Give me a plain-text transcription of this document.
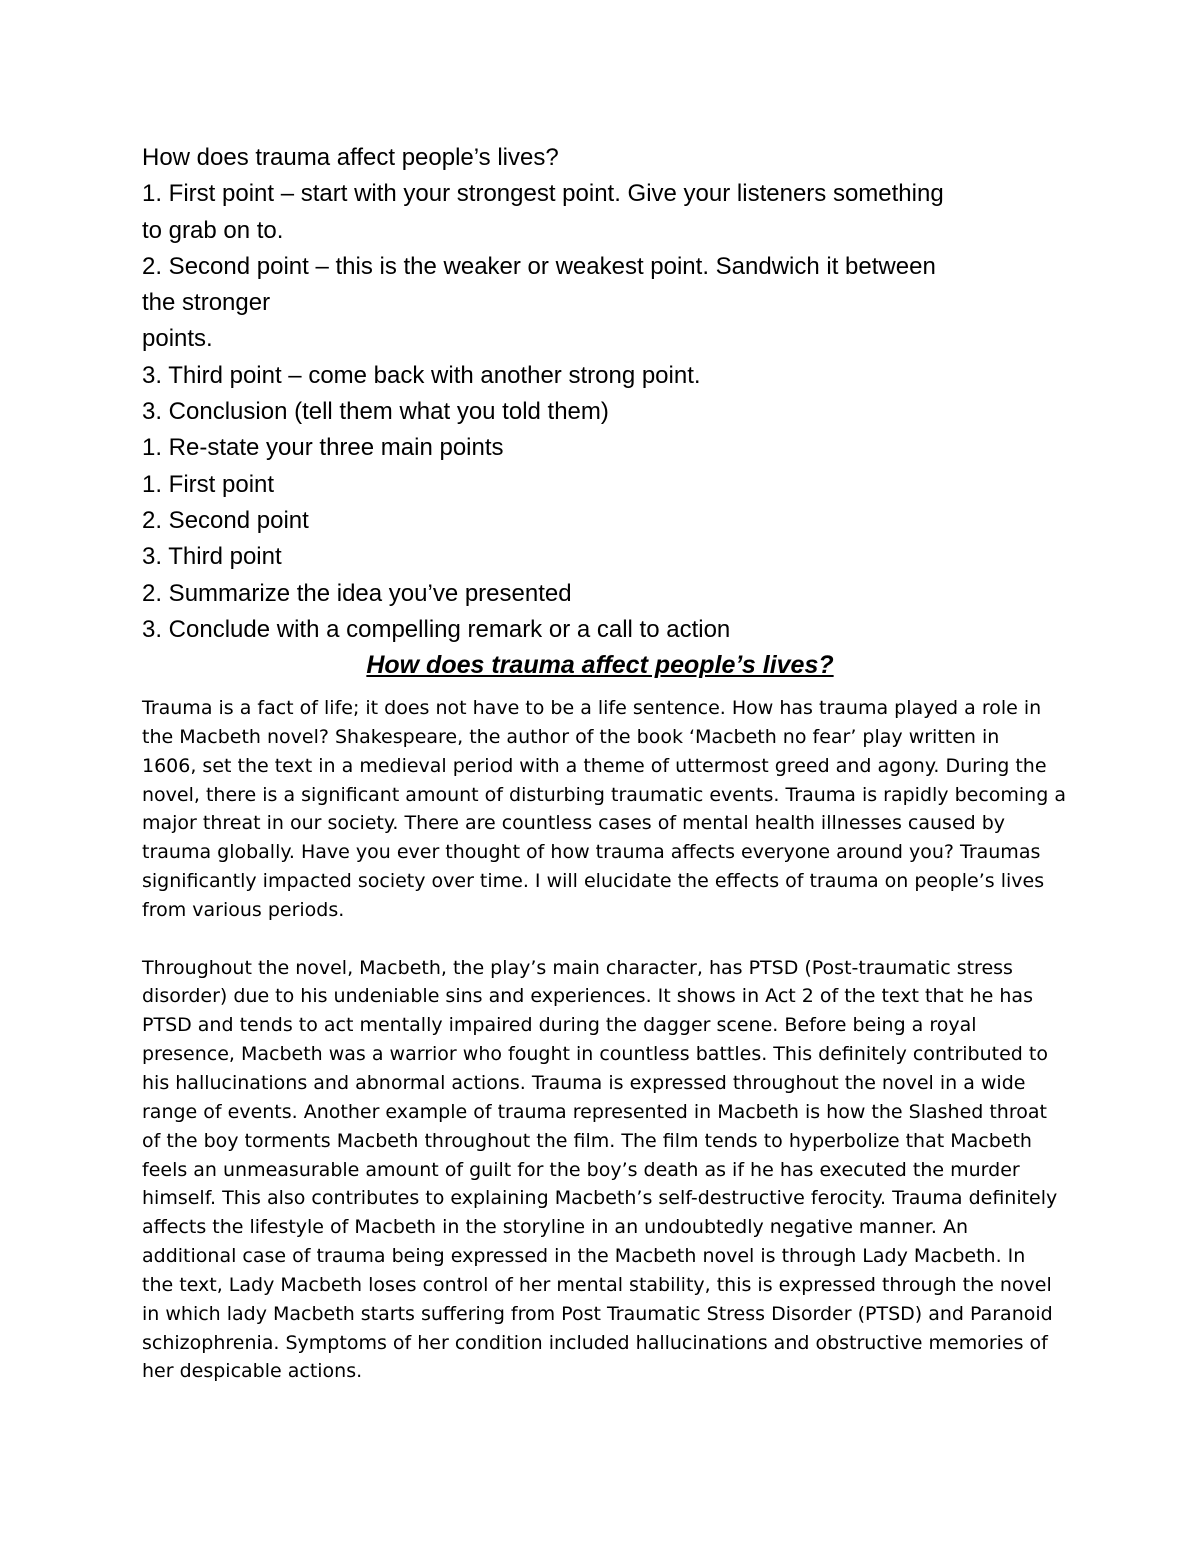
How does trauma affect people’s lives?
1. First point – start with your strongest point. Give your listeners something
to grab on to.
2. Second point – this is the weaker or weakest point. Sandwich it between
the stronger
points.
3. Third point – come back with another strong point.
3. Conclusion (tell them what you told them)
1. Re-state your three main points
1. First point
2. Second point
3. Third point
2. Summarize the idea you’ve presented
3. Conclude with a compelling remark or a call to action
How does trauma affect people’s lives?
Trauma is a fact of life; it does not have to be a life sentence. How has trauma played a role in
the Macbeth novel? Shakespeare, the author of the book ‘Macbeth no fear’ play written in
1606, set the text in a medieval period with a theme of uttermost greed and agony. During the
novel, there is a significant amount of disturbing traumatic events. Trauma is rapidly becoming a
major threat in our society. There are countless cases of mental health illnesses caused by
trauma globally. Have you ever thought of how trauma affects everyone around you? Traumas
significantly impacted society over time. I will elucidate the effects of trauma on people’s lives
from various periods.
Throughout the novel, Macbeth, the play’s main character, has PTSD (Post-traumatic stress
disorder) due to his undeniable sins and experiences. It shows in Act 2 of the text that he has
PTSD and tends to act mentally impaired during the dagger scene. Before being a royal
presence, Macbeth was a warrior who fought in countless battles. This definitely contributed to
his hallucinations and abnormal actions. Trauma is expressed throughout the novel in a wide
range of events. Another example of trauma represented in Macbeth is how the Slashed throat
of the boy torments Macbeth throughout the film. The film tends to hyperbolize that Macbeth
feels an unmeasurable amount of guilt for the boy’s death as if he has executed the murder
himself. This also contributes to explaining Macbeth’s self-destructive ferocity. Trauma definitely
affects the lifestyle of Macbeth in the storyline in an undoubtedly negative manner. An
additional case of trauma being expressed in the Macbeth novel is through Lady Macbeth. In
the text, Lady Macbeth loses control of her mental stability, this is expressed through the novel
in which lady Macbeth starts suffering from Post Traumatic Stress Disorder (PTSD) and Paranoid
schizophrenia. Symptoms of her condition included hallucinations and obstructive memories of
her despicable actions.
